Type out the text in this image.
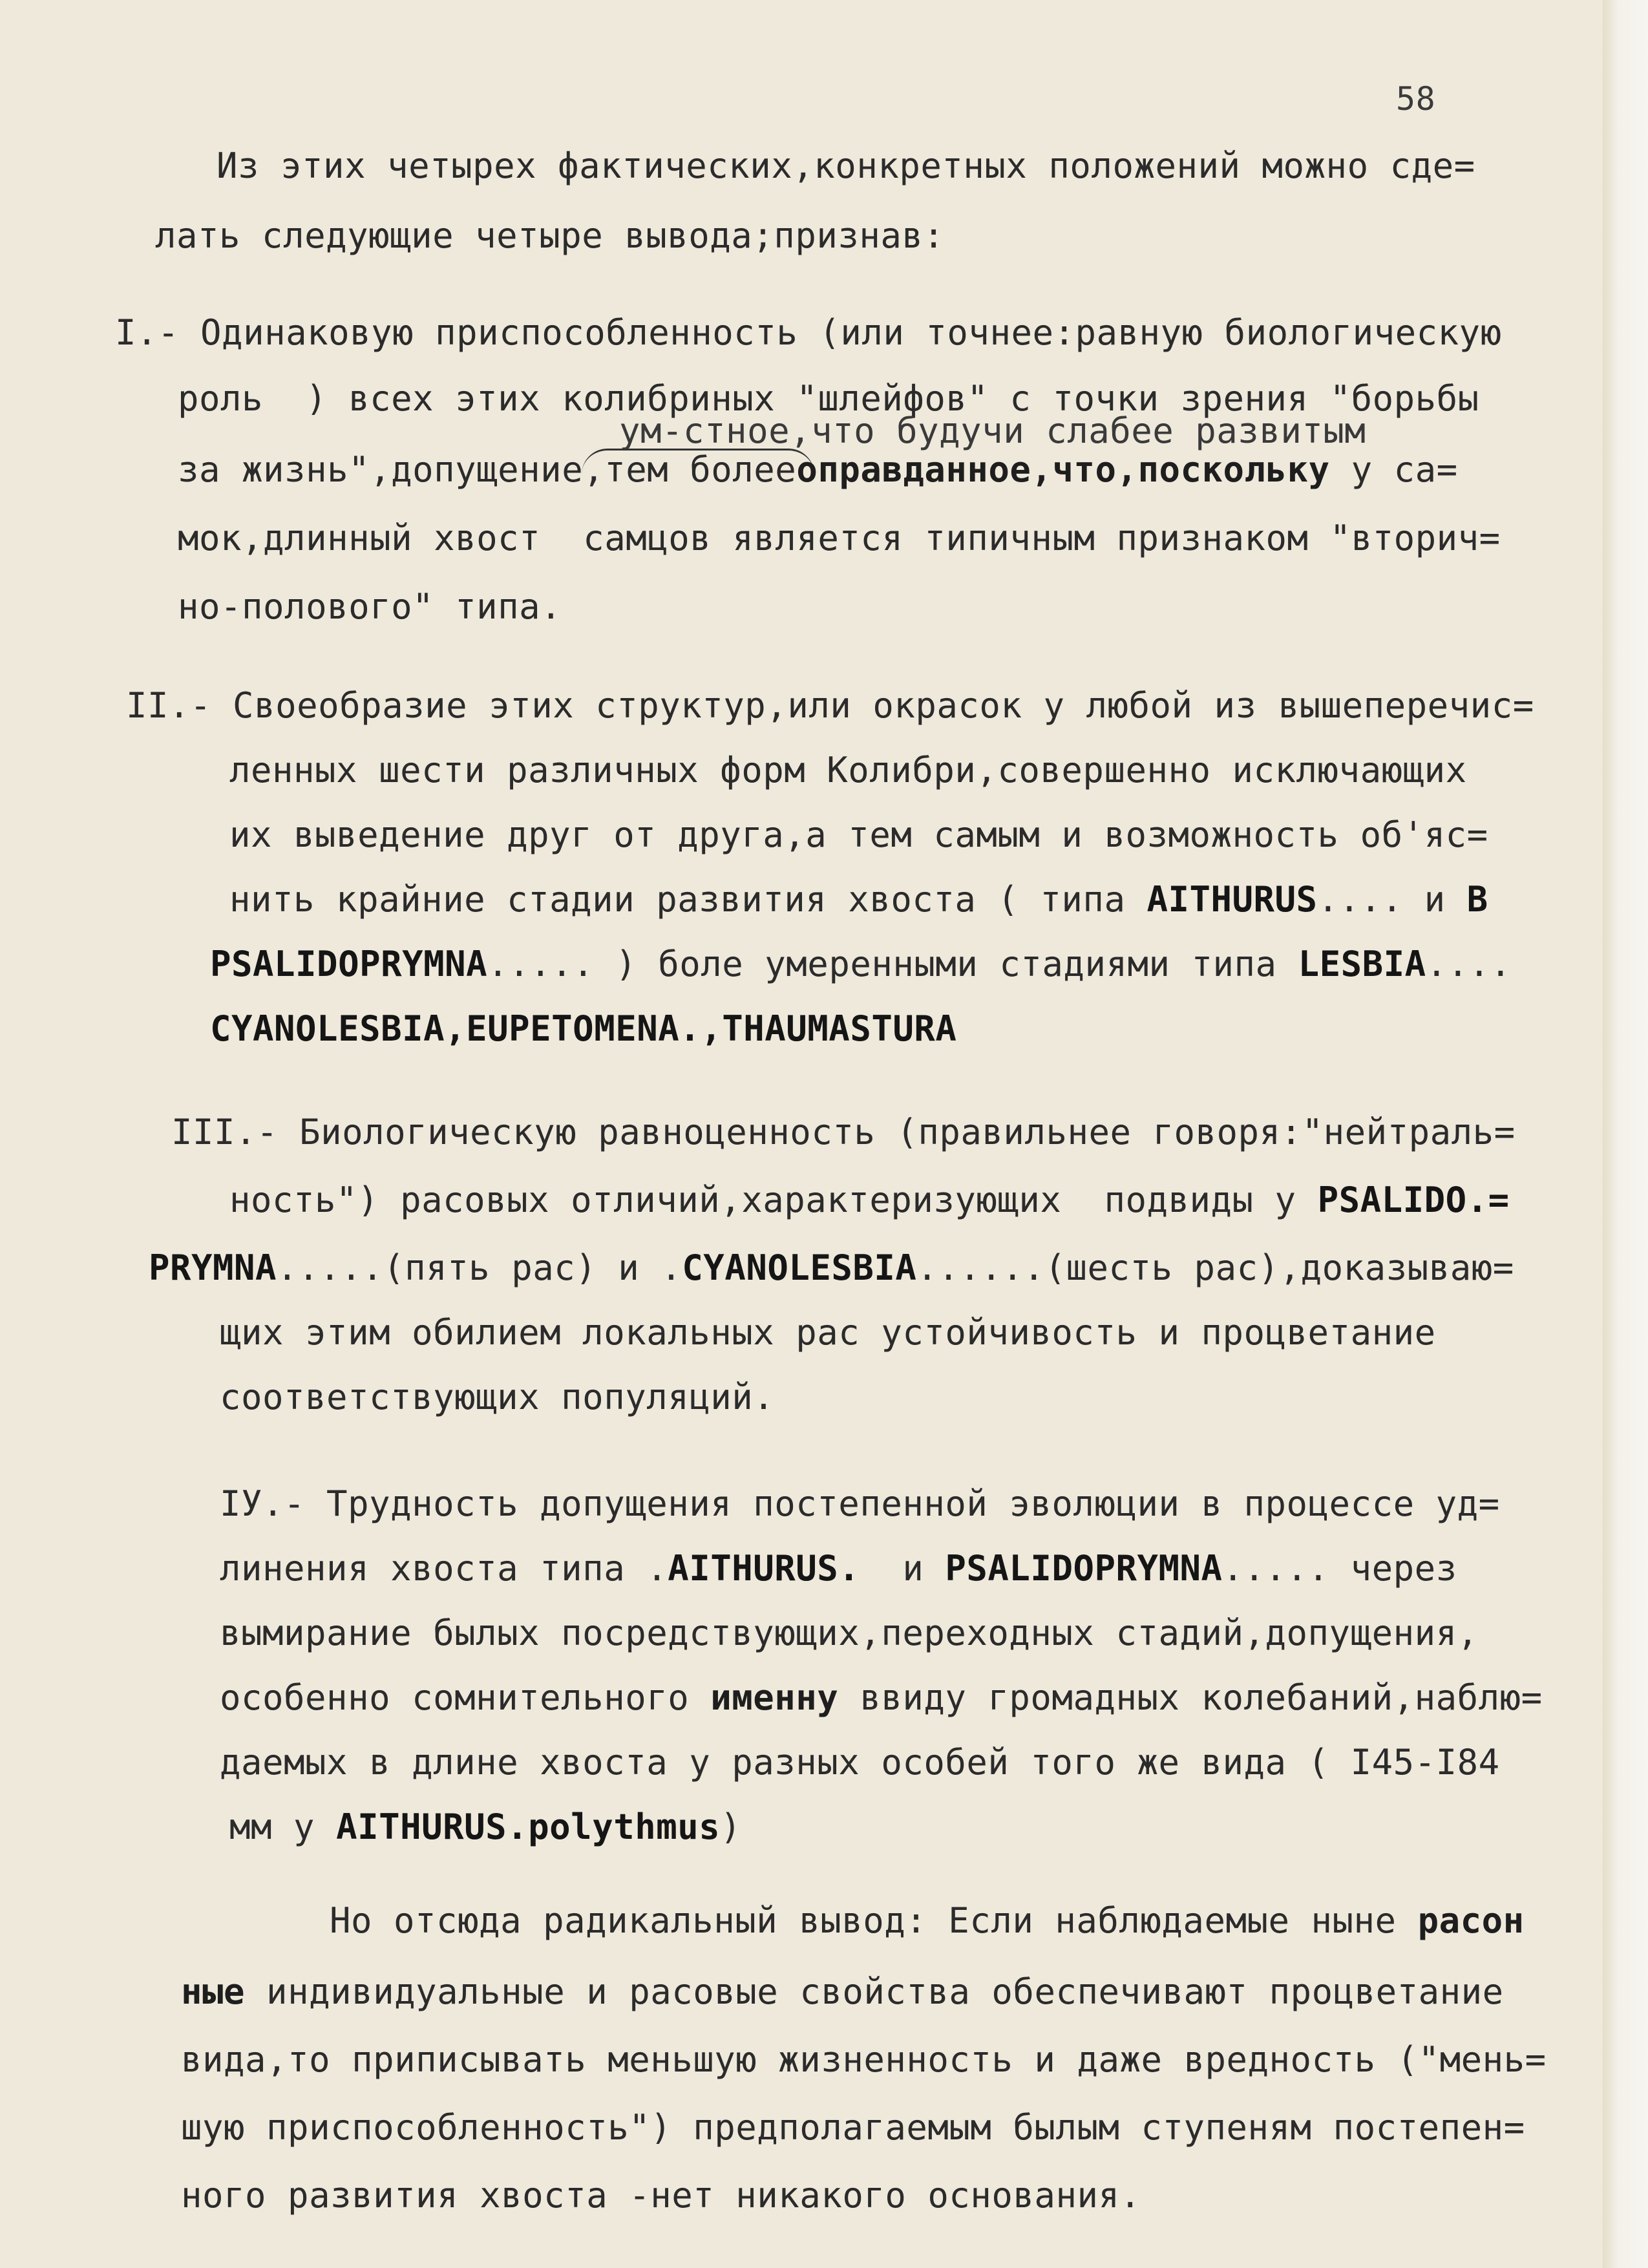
58
Из этих четырех фактических,конкретных положений можно сде=
лать следующие четыре вывода;признав:
I.- Одинаковую приспособленность (или точнее:равную биологическую
роль  ) всех этих колибриных "шлейфов" с точки зрения "борьбы
ум-стное,что будучи слабее развитым
за жизнь",допущение,тем болееоправданное,что,поскольку у са=
мок,длинный хвост  самцов является типичным признаком "вторич=
но-полового" типа.
II.- Своеобразие этих структур,или окрасок у любой из вышеперечис=
ленных шести различных форм Колибри,совершенно исключающих
их выведение друг от друга,а тем самым и возможность об'яс=
нить крайние стадии развития хвоста ( типа AITHURUS.... и B
PSALIDOPRYMNA..... ) боле умеренными стадиями типа LESBIA....
CYANOLESBIA,EUPETOMENA.,THAUMASTURA
III.- Биологическую равноценность (правильнее говоря:"нейтраль=
ность") расовых отличий,характеризующих  подвиды у PSALIDO.=
PRYMNA.....(пять рас) и .CYANOLESBIA......(шесть рас),доказываю=
щих этим обилием локальных рас устойчивость и процветание
соответствующих популяций.
IУ.- Трудность допущения постепенной эволюции в процессе уд=
линения хвоста типа .AITHURUS.  и PSALIDOPRYMNA..... через
вымирание былых посредствующих,переходных стадий,допущения,
особенно сомнительного именну ввиду громадных колебаний,наблю=
даемых в длине хвоста у разных особей того же вида ( I45-I84
мм у AITHURUS.polythmus)
Но отсюда радикальный вывод: Если наблюдаемые ныне расон
ные индивидуальные и расовые свойства обеспечивают процветание
вида,то приписывать меньшую жизненность и даже вредность ("мень=
шую приспособленность") предполагаемым былым ступеням постепен=
ного развития хвоста -нет никакого основания.
